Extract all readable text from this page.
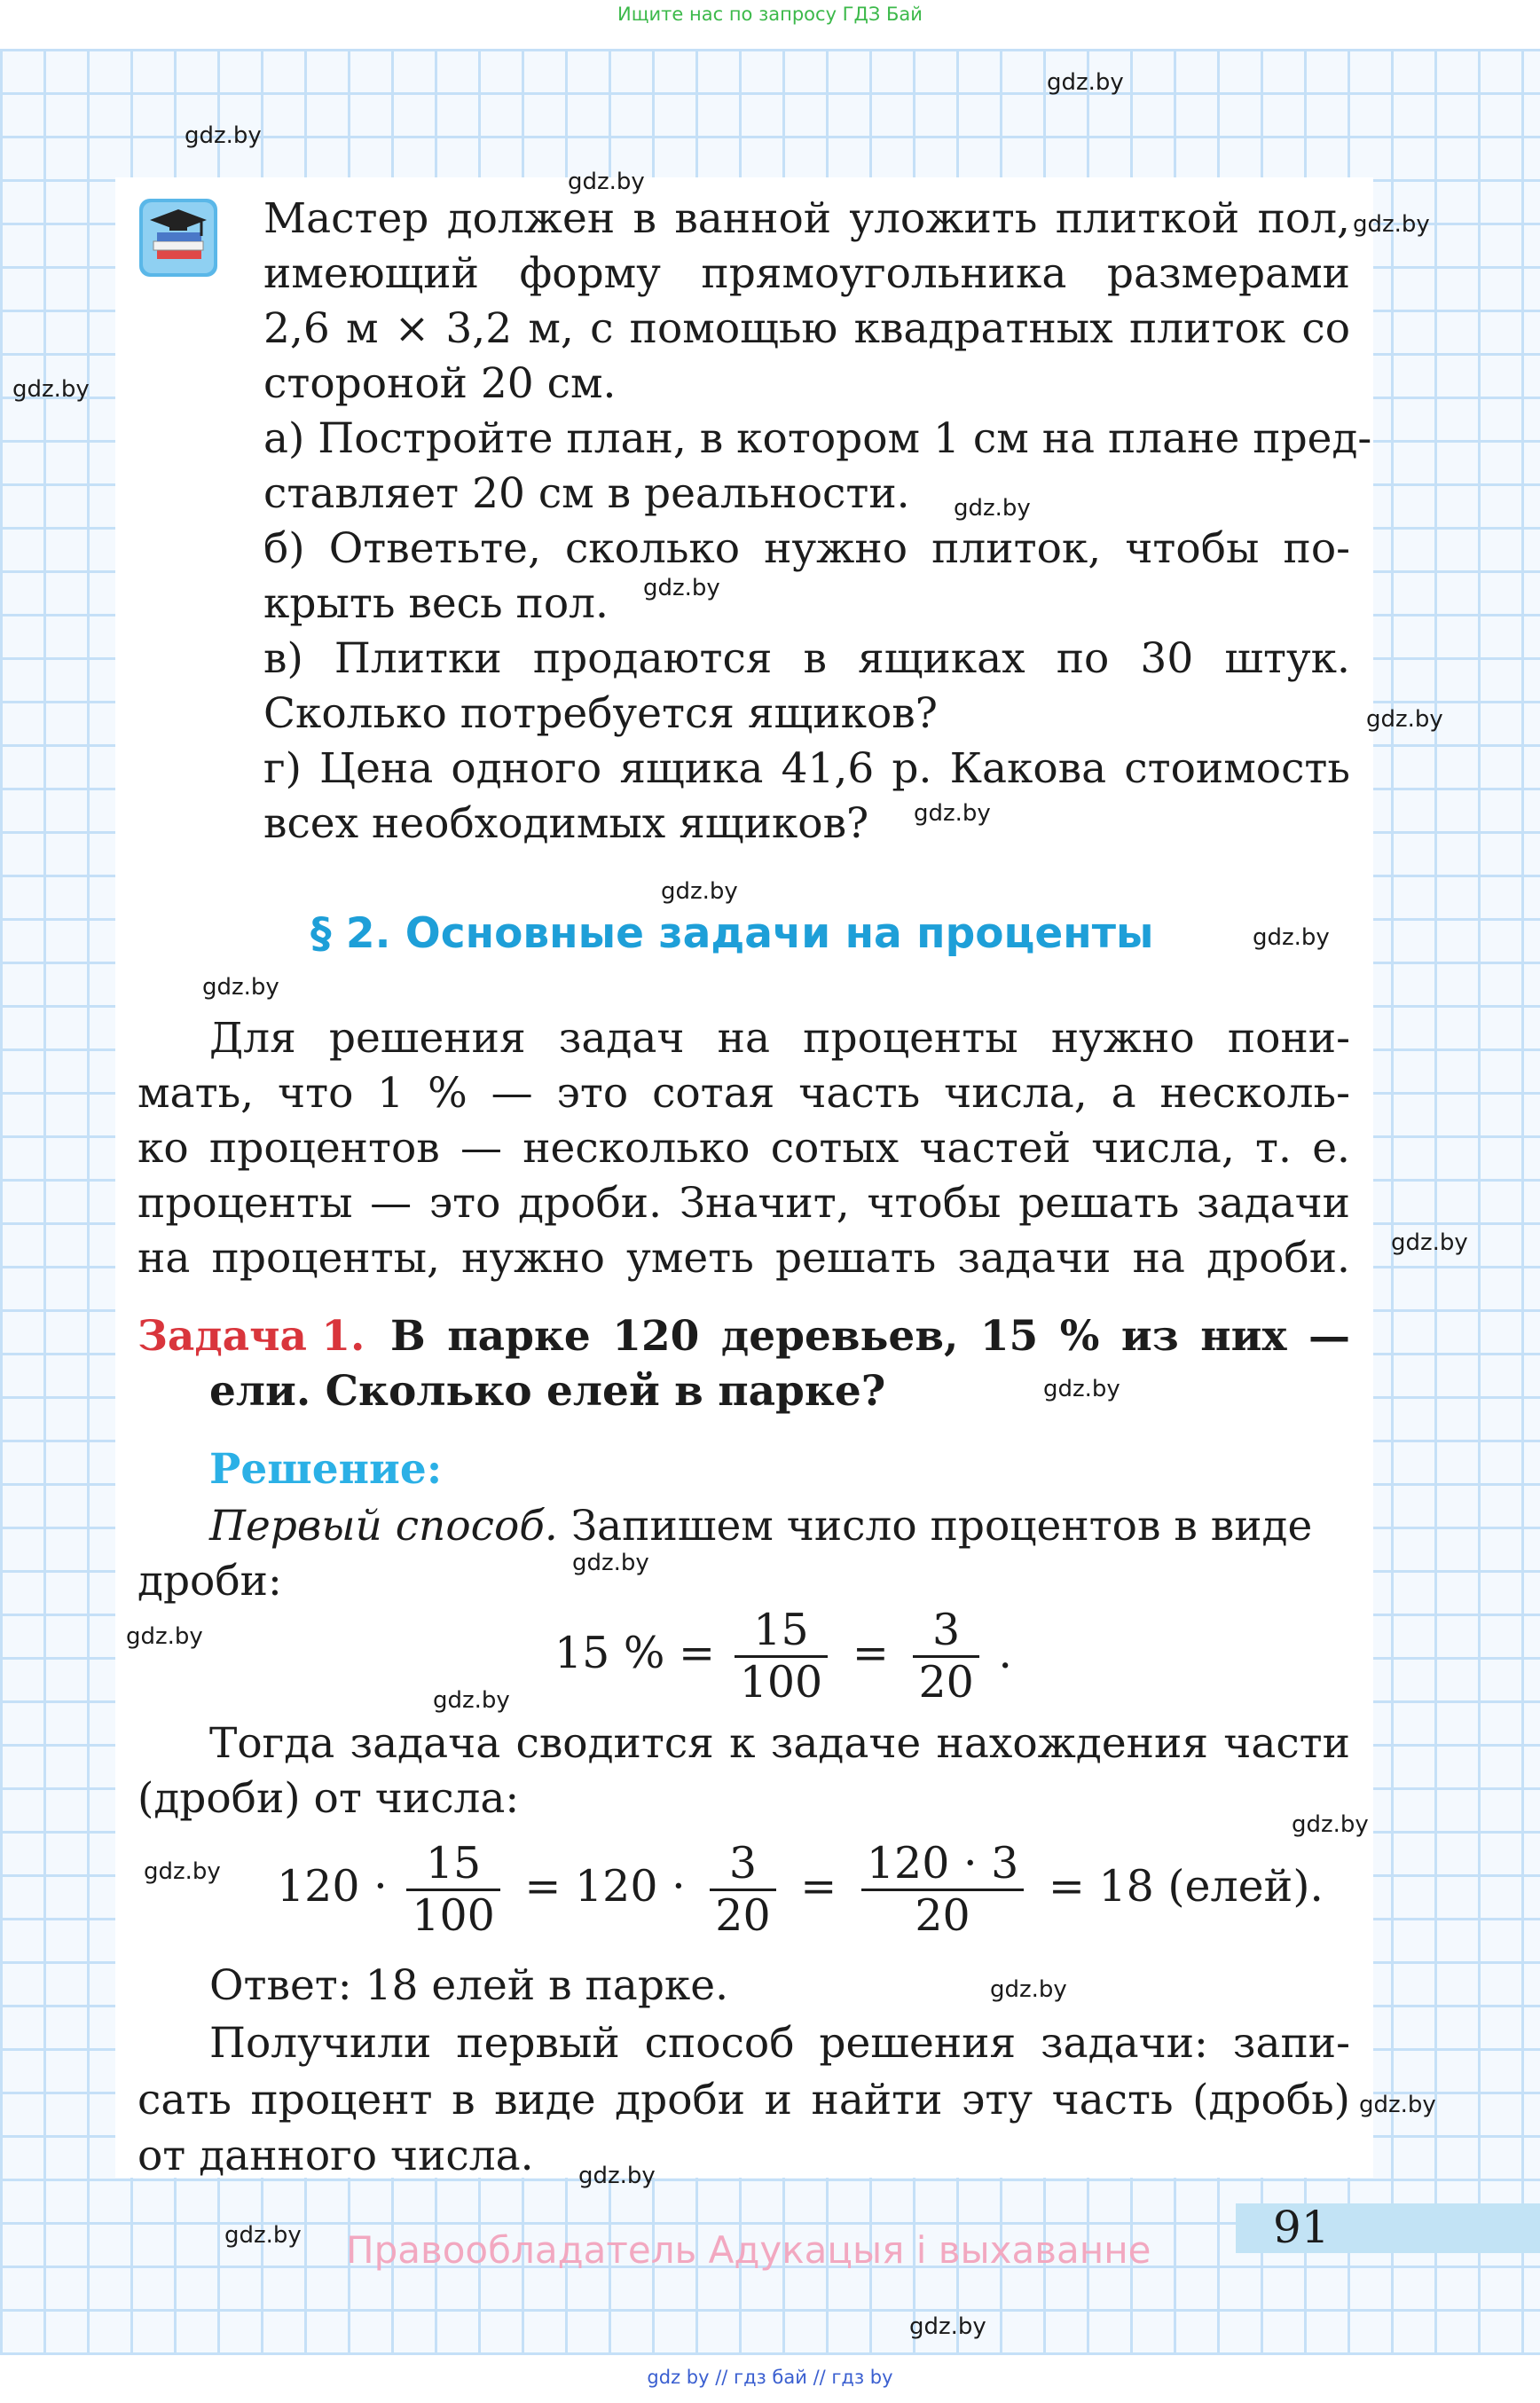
Ищите нас по запросу ГДЗ Бай
Мастер должен в ванной уложить плиткой пол,
имеющий форму прямоугольника размерами
2,6 м × 3,2 м, с помощью квадратных плиток со
стороной 20 см.
а) Постройте план, в котором 1 см на плане пред-
ставляет 20 см в реальности.
б) Ответьте, сколько нужно плиток, чтобы по-
крыть весь пол.
в) Плитки продаются в ящиках по 30 штук.
Сколько потребуется ящиков?
г) Цена одного ящика 41,6 р. Какова стоимость
всех необходимых ящиков?
§ 2. Основные задачи на проценты
Для решения задач на проценты нужно пони-
мать, что 1 % — это сотая часть числа, а несколь-
ко процентов — несколько сотых частей числа, т. е.
проценты — это дроби. Значит, чтобы решать задачи
на проценты, нужно уметь решать задачи на дроби.
Задача 1. В парке 120 деревьев, 15 % из них —
ели. Сколько елей в парке?
Решение:
Первый способ. Запишем число процентов в виде
дроби:
15 % = $\frac{15}{100} = \frac{3}{20}$ .
Тогда задача сводится к задаче нахождения части
(дроби) от числа:
$120 \cdot \frac{15}{100} = 120 \cdot \frac{3}{20} = \frac{120 \cdot 3}{20} = 18$ (елей).
Ответ: 18 елей в парке.
Получили первый способ решения задачи: запи-
сать процент в виде дроби и найти эту часть (дробь)
от данного числа.
91
Правообладатель Адукацыя і выхаванне
gdz by // гдз бай // гдз by
gdz.by
gdz.by
gdz.by
gdz.by
gdz.by
gdz.by
gdz.by
gdz.by
gdz.by
gdz.by
gdz.by
gdz.by
gdz.by
gdz.by
gdz.by
gdz.by
gdz.by
gdz.by
gdz.by
gdz.by
gdz.by
gdz.by
gdz.by
gdz.by
